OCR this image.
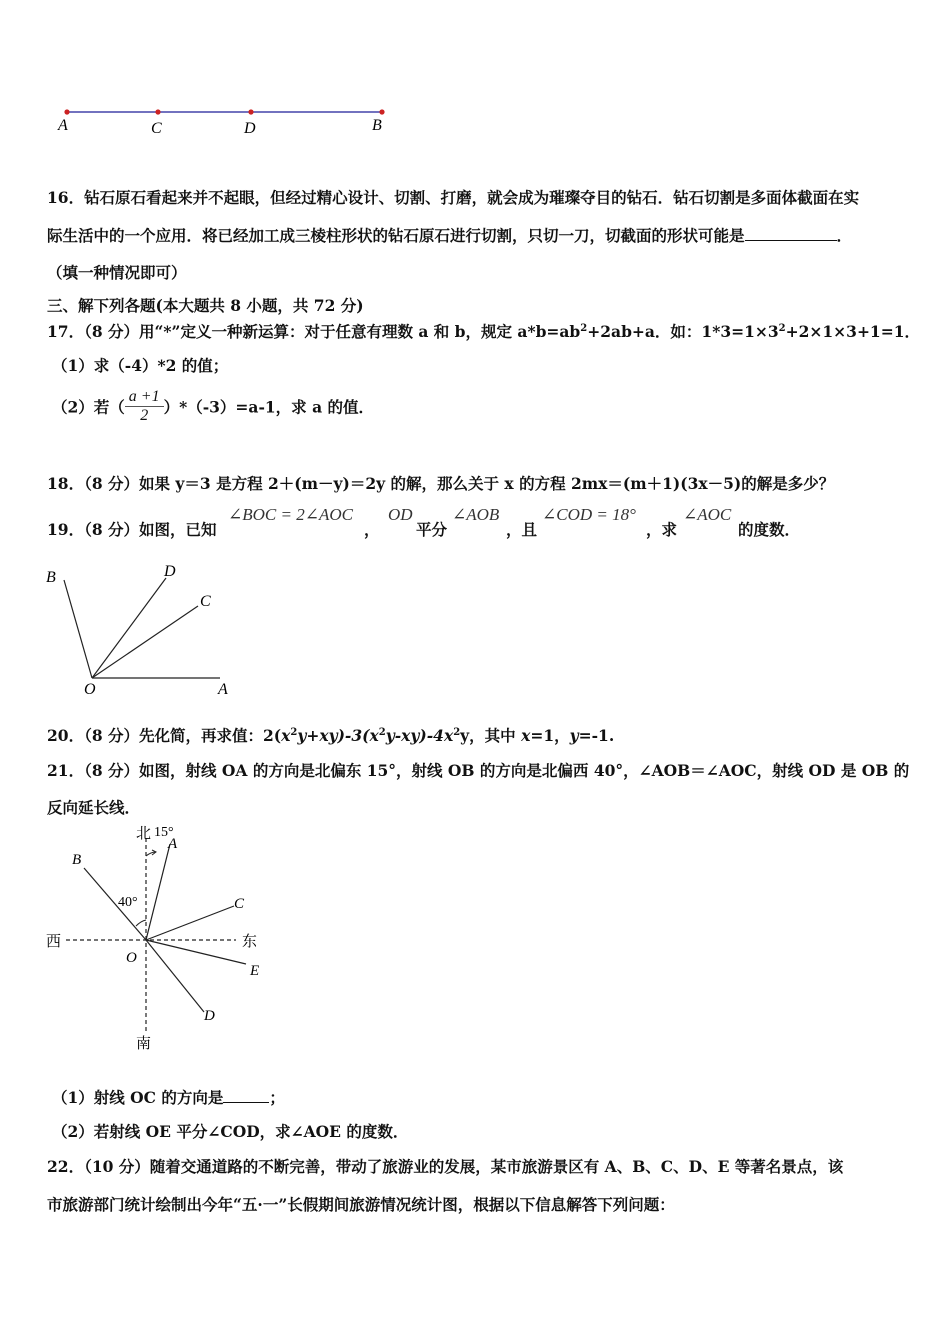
A	C	D	B
16．钻石原石看起来并不起眼，但经过精心设计、切割、打磨，就会成为璀璨夺目的钻石．钻石切割是多面体截面在实
际生活中的一个应用．将已经加工成三棱柱形状的钻石原石进行切割，只切一刀，切截面的形状可能是	．
（填一种情况即可）
三、解下列各题(本大题共 8 小题，共 72 分)
17．（8 分）用“*”定义一种新运算：对于任意有理数 a 和 b，规定 $a*b=ab^2+2ab+a$．如：$1*3=1\times 3^2+2\times 1\times 3+1=1$．
（1）求（-4）*2 的值；
（2）若（ $\frac{a +1}{2} )*(-3)=a-1$，求 a 的值．
18．（8 分）如果 y＝3 是方程 2＋(m－y)＝2y 的解，那么关于 x 的方程 2mx＝(m＋1)(3x－5)的解是多少？
19．（8 分）如图，已知
∠BOC = 2∠AOC
，
OD
平分
∠AOB
，且
∠COD = 18°
，求
∠AOC
的度数．
B	D
C
O	A
20．（8 分）先化简，再求值：$2(x^2y+xy)-3(x^2y-xy)-4x^2y$，其中 x=1，y=-1.
21．（8 分）如图，射线 OA 的方向是北偏东 15°，射线 OB 的方向是北偏西 40°，∠AOB＝∠AOC，射线 OD 是 OB 的
反向延长线．
北
南
西	东
15°
40°
A
B
C
D
E
O
（1）射线 OC 的方向是	；
（2）若射线 OE 平分∠COD，求∠AOE 的度数．
22．（10 分）随着交通道路的不断完善，带动了旅游业的发展，某市旅游景区有 A、B、C、D、E 等著名景点，该
市旅游部门统计绘制出今年“五·一”长假期间旅游情况统计图，根据以下信息解答下列问题：
